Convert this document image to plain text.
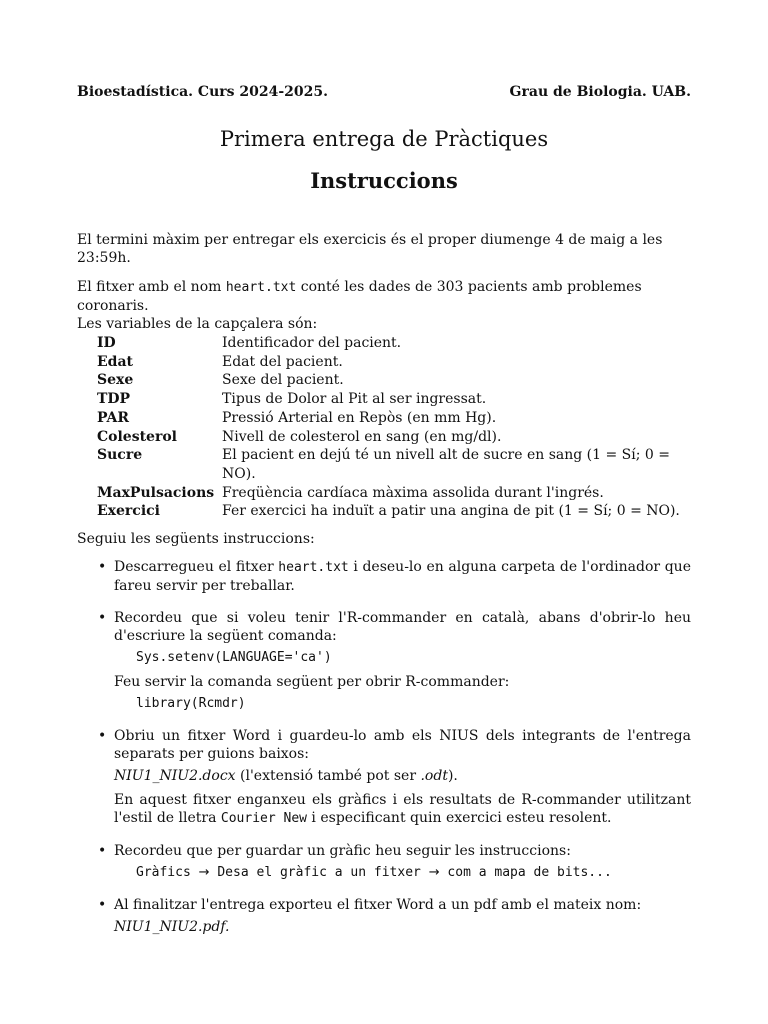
Bioestadística. Curs 2024-2025.	Grau de Biologia. UAB.
Primera entrega de Pràctiques
Instruccions

El termini màxim per entregar els exercicis és el proper diumenge 4 de maig a les 23:59h.

El fitxer amb el nom heart.txt conté les dades de 303 pacients amb problemes coronaris.
Les variables de la capçalera són:

ID	Identificador del pacient.
Edat	Edat del pacient.
Sexe	Sexe del pacient.
TDP	Tipus de Dolor al Pit al ser ingressat.
PAR	Pressió Arterial en Repòs (en mm Hg).
Colesterol	Nivell de colesterol en sang (en mg/dl).
Sucre	El pacient en dejú té un nivell alt de sucre en sang (1 = Sí; 0 = NO).
MaxPulsacions	Freqüència cardíaca màxima assolida durant l'ingrés.
Exercici	Fer exercici ha induït a patir una angina de pit (1 = Sí; 0 = NO).

Seguiu les següents instruccions:

• Descarregueu el fitxer heart.txt i deseu-lo en alguna carpeta de l'ordinador que fareu servir per treballar.
• Recordeu que si voleu tenir l'R-commander en català, abans d'obrir-lo heu d'escriure la següent comanda:
Sys.setenv(LANGUAGE='ca')
Feu servir la comanda següent per obrir R-commander:
library(Rcmdr)
• Obriu un fitxer Word i guardeu-lo amb els NIUS dels integrants de l'entrega separats per guions baixos:
NIU1_NIU2.docx (l'extensió també pot ser .odt).
En aquest fitxer enganxeu els gràfics i els resultats de R-commander utilitzant l'estil de lletra Courier New i especificant quin exercici esteu resolent.
• Recordeu que per guardar un gràfic heu seguir les instruccions:
Gràfics → Desa el gràfic a un fitxer → com a mapa de bits...
• Al finalitzar l'entrega exporteu el fitxer Word a un pdf amb el mateix nom:
NIU1_NIU2.pdf.
